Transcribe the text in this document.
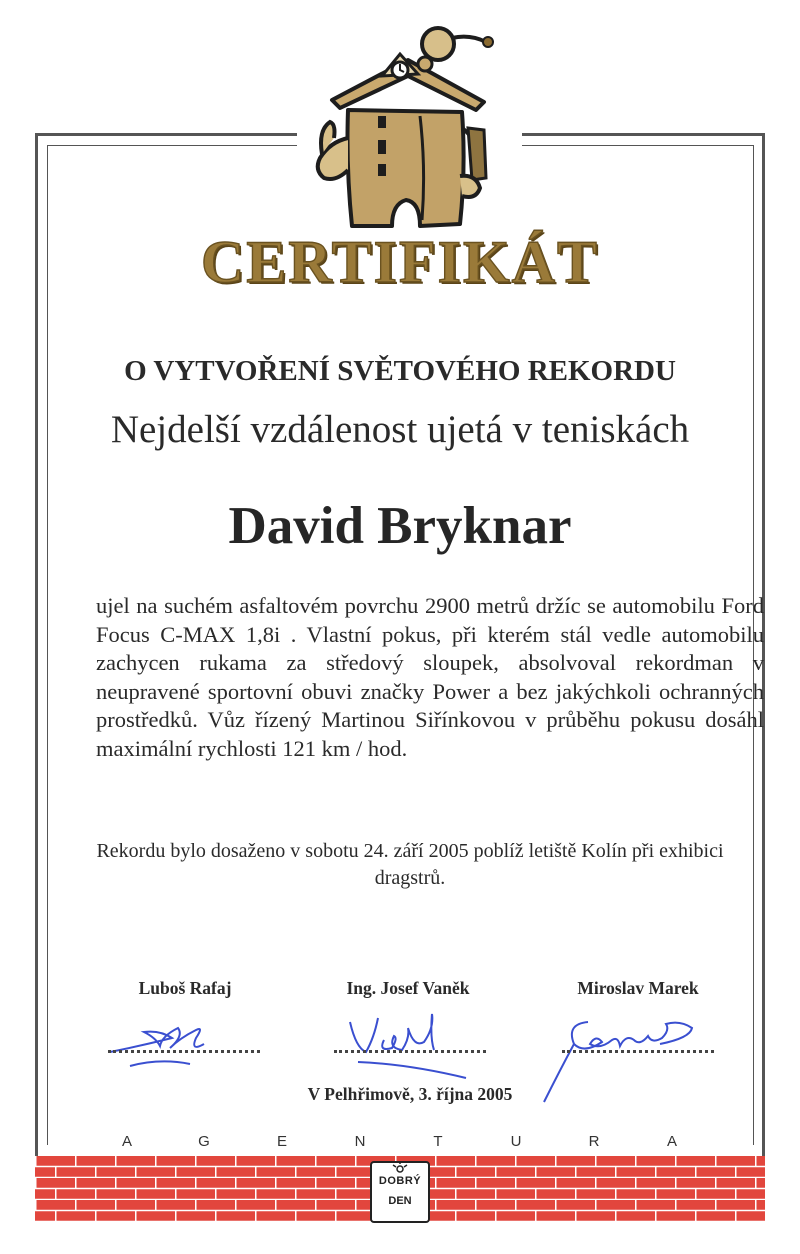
CERTIFIKÁT
O VYTVOŘENÍ SVĚTOVÉHO REKORDU
Nejdelší vzdálenost ujetá v teniskách
David Bryknar
ujel na suchém asfaltovém povrchu 2900 metrů držíc se automobilu Ford Focus C-MAX 1,8i . Vlastní pokus, při kterém stál vedle automobilu zachycen rukama za středový sloupek, absolvoval rekordman v neupravené sportovní obuvi značky Power a bez jakýchkoli ochranných prostředků. Vůz řízený Martinou Siřínkovou v průběhu pokusu dosáhl maximální rychlosti 121 km / hod.
Rekordu bylo dosaženo v sobotu 24. září 2005 poblíž letiště Kolín při exhibici dragstrů.
Luboš Rafaj	Ing. Josef Vaněk	Miroslav Marek
V Pelhřimově, 3. října 2005
A	G	E	N	T	U	R	A
DOBRÝ
DEN
